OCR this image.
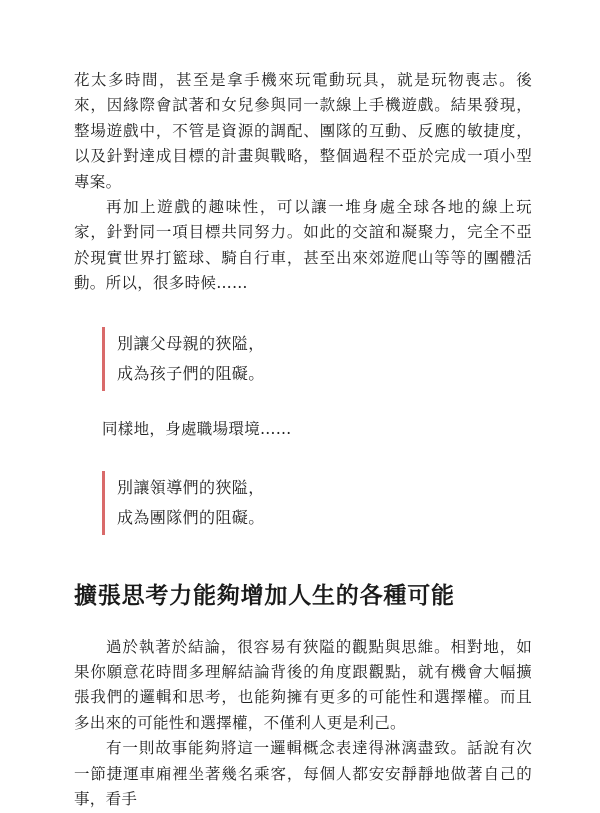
花太多時間，甚至是拿手機來玩電動玩具，就是玩物喪志。後來，因緣際會試著和女兒參與同一款線上手機遊戲。結果發現，整場遊戲中，不管是資源的調配、團隊的互動、反應的敏捷度，以及針對達成目標的計畫與戰略，整個過程不亞於完成一項小型專案。

再加上遊戲的趣味性，可以讓一堆身處全球各地的線上玩家，針對同一項目標共同努力。如此的交誼和凝聚力，完全不亞於現實世界打籃球、騎自行車，甚至出來郊遊爬山等等的團體活動。所以，很多時候……

別讓父母親的狹隘，
成為孩子們的阻礙。

同樣地，身處職場環境……

別讓領導們的狹隘，
成為團隊們的阻礙。
擴張思考力能夠增加人生的各種可能

過於執著於結論，很容易有狹隘的觀點與思維。相對地，如果你願意花時間多理解結論背後的角度跟觀點，就有機會大幅擴張我們的邏輯和思考，也能夠擁有更多的可能性和選擇權。而且多出來的可能性和選擇權，不僅利人更是利己。

有一則故事能夠將這一邏輯概念表達得淋漓盡致。話說有次一節捷運車廂裡坐著幾名乘客，每個人都安安靜靜地做著自己的事，看手
